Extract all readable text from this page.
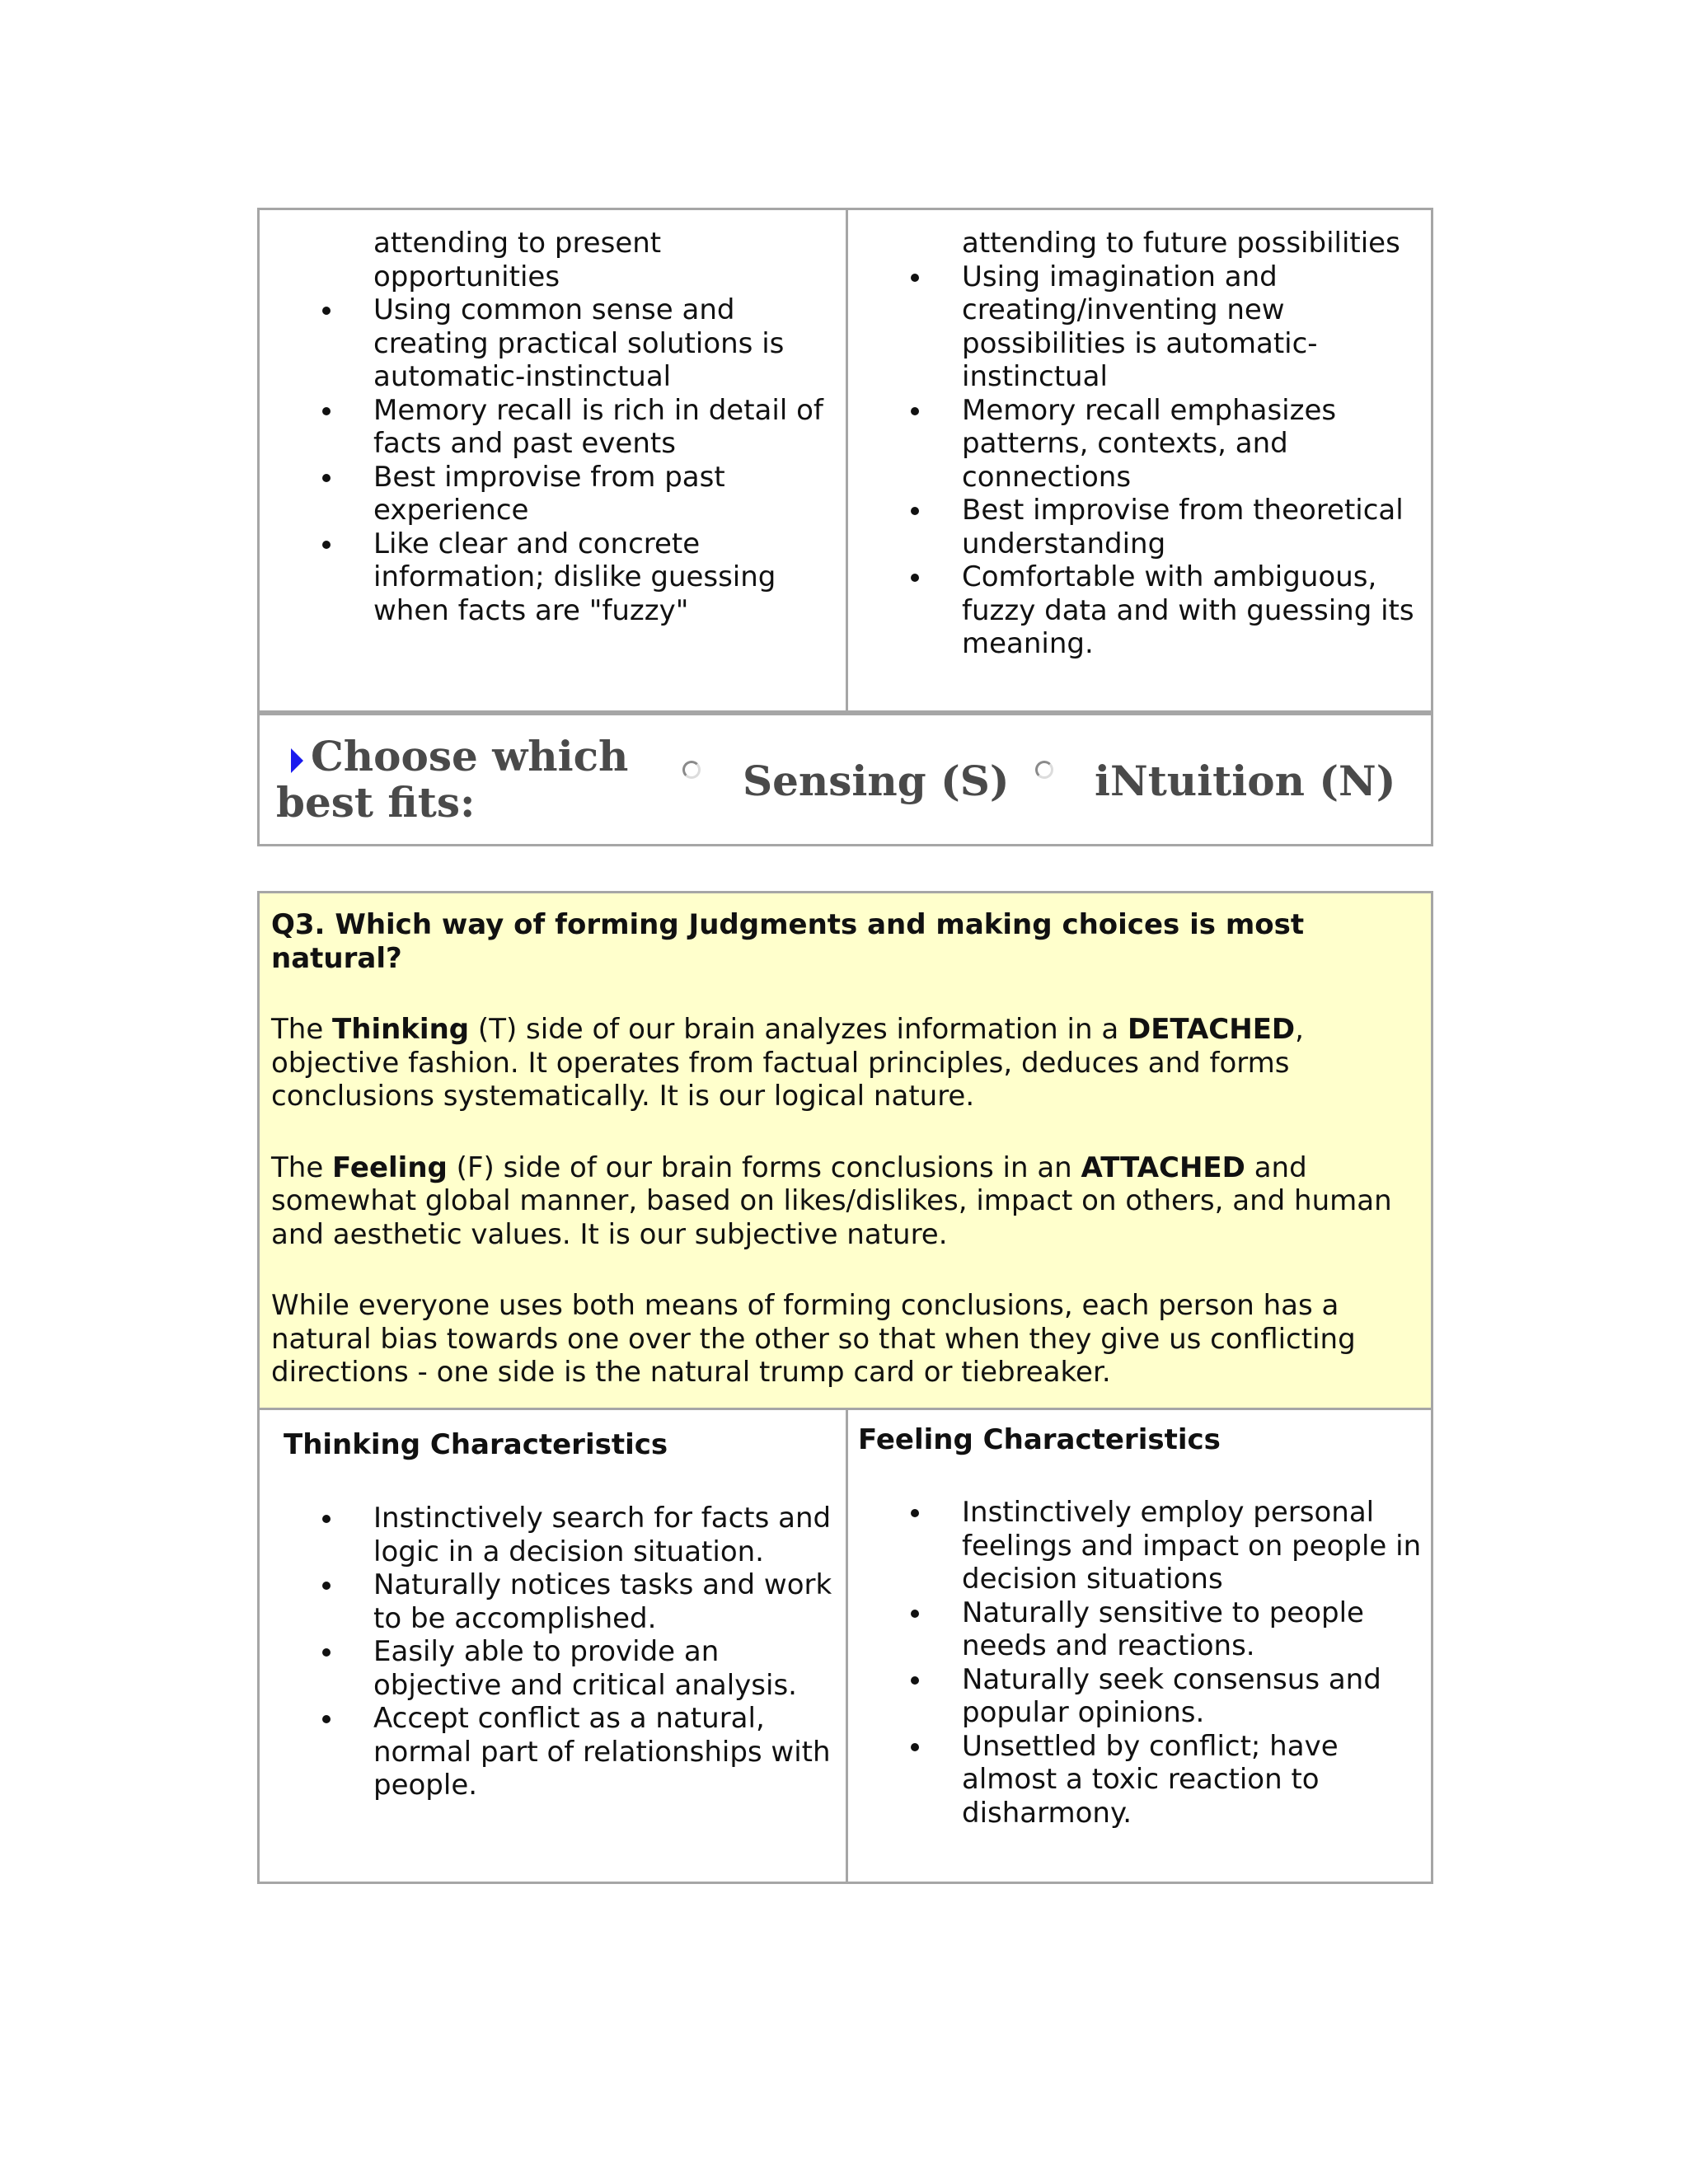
attending to present
opportunities
Using common sense and
creating practical solutions is
automatic-instinctual
Memory recall is rich in detail of
facts and past events
Best improvise from past
experience
Like clear and concrete
information; dislike guessing
when facts are "fuzzy"
attending to future possibilities
Using imagination and
creating/inventing new
possibilities is automatic-
instinctual
Memory recall emphasizes
patterns, contexts, and
connections
Best improvise from theoretical
understanding
Comfortable with ambiguous,
fuzzy data and with guessing its
meaning.
Choose which
best fits:	Sensing (S) iNtuition (N)

Q3. Which way of forming Judgments and making choices is most
natural?

The Thinking (T) side of our brain analyzes information in a DETACHED,
objective fashion. It operates from factual principles, deduces and forms
conclusions systematically. It is our logical nature.

The Feeling (F) side of our brain forms conclusions in an ATTACHED and
somewhat global manner, based on likes/dislikes, impact on others, and human
and aesthetic values. It is our subjective nature.

While everyone uses both means of forming conclusions, each person has a
natural bias towards one over the other so that when they give us conflicting
directions - one side is the natural trump card or tiebreaker.

Thinking Characteristics
Instinctively search for facts and
logic in a decision situation.
Naturally notices tasks and work
to be accomplished.
Easily able to provide an
objective and critical analysis.
Accept conflict as a natural,
normal part of relationships with
people.
Feeling Characteristics
Instinctively employ personal
feelings and impact on people in
decision situations
Naturally sensitive to people
needs and reactions.
Naturally seek consensus and
popular opinions.
Unsettled by conflict; have
almost a toxic reaction to
disharmony.
